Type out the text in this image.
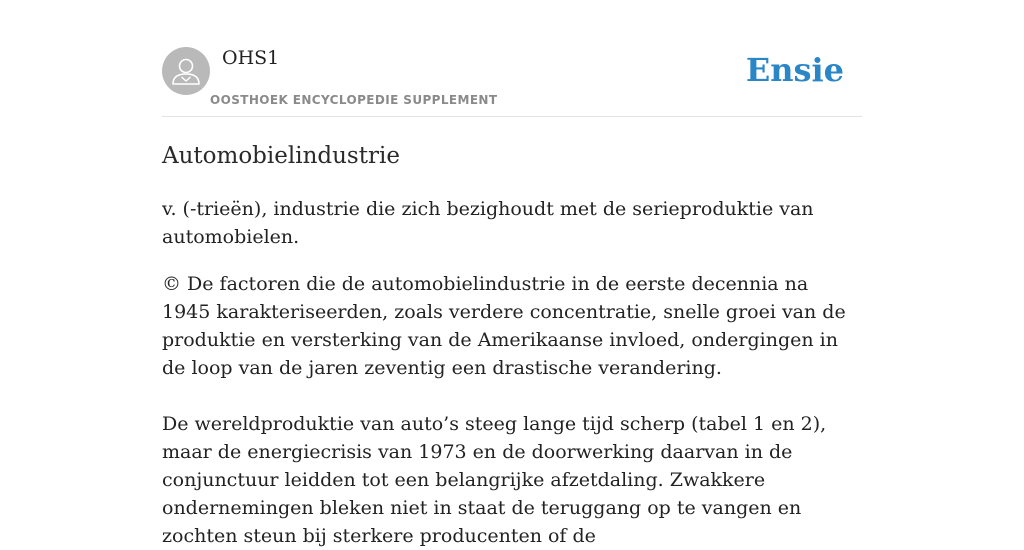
OHS1
OOSTHOEK ENCYCLOPEDIE SUPPLEMENT
Ensie
Automobielindustrie

v. (-trieën), industrie die zich bezighoudt met de serieproduktie van automobielen.

© De factoren die de automobielindustrie in de eerste decennia na 1945 karakteriseerden, zoals verdere concentratie, snelle groei van de produktie en versterking van de Amerikaanse invloed, ondergingen in de loop van de jaren zeventig een drastische verandering.

De wereldproduktie van auto’s steeg lange tijd scherp (tabel 1 en 2), maar de energiecrisis van 1973 en de doorwerking daarvan in de conjunctuur leidden tot een belangrijke afzetdaling. Zwakkere ondernemingen bleken niet in staat de teruggang op te vangen en zochten steun bij sterkere producenten of de
